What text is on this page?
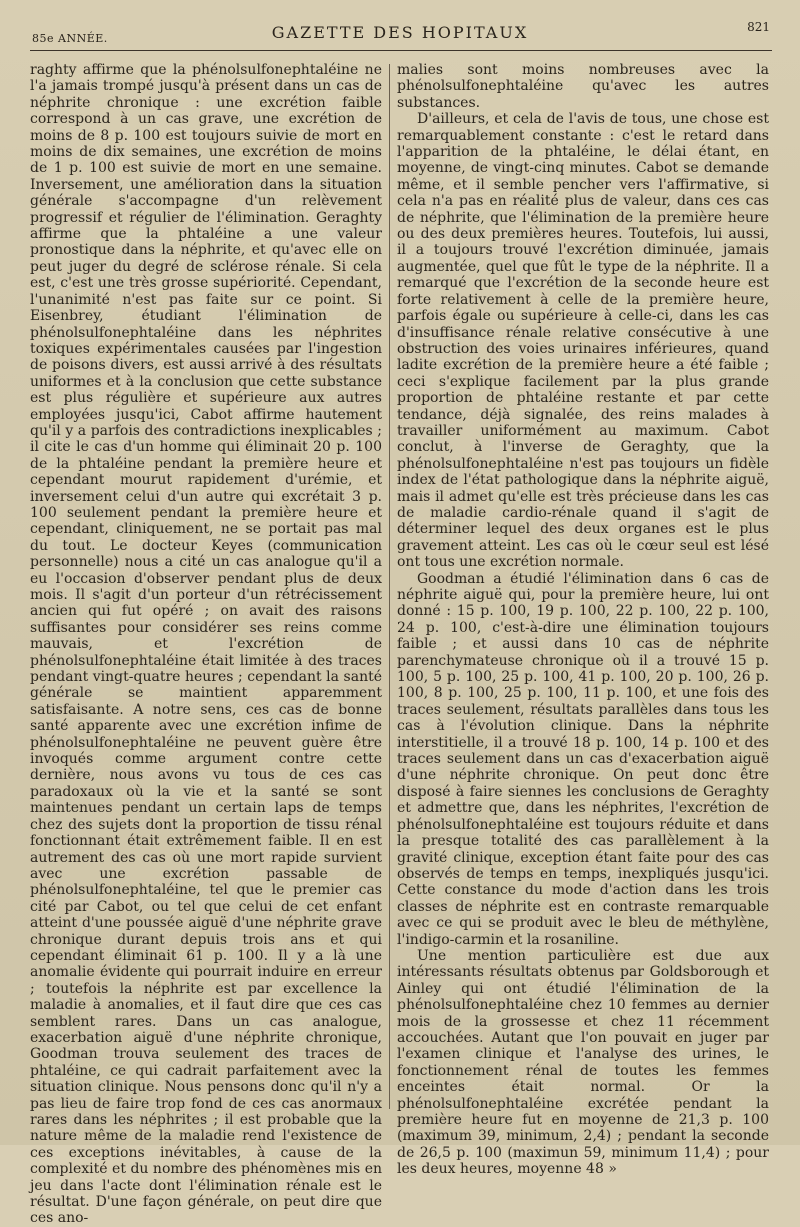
85e ANNÉE.	GAZETTE DES HOPITAUX	821

raghty affirme que la phénolsulfonephtaléine ne l'a jamais trompé jusqu'à présent dans un cas de néphrite chronique : une excrétion faible correspond à un cas grave, une excrétion de moins de 8 p. 100 est toujours suivie de mort en moins de dix semaines, une excrétion de moins de 1 p. 100 est suivie de mort en une semaine. Inversement, une amélioration dans la situation générale s'accompagne d'un relèvement progressif et régulier de l'élimination. Geraghty affirme que la phtaléine a une valeur pronostique dans la néphrite, et qu'avec elle on peut juger du degré de sclérose rénale. Si cela est, c'est une très grosse supériorité. Cependant, l'unanimité n'est pas faite sur ce point. Si Eisenbrey, étudiant l'élimination de phénolsulfonephtaléine dans les néphrites toxiques expérimentales causées par l'ingestion de poisons divers, est aussi arrivé à des résultats uniformes et à la conclusion que cette substance est plus régulière et supérieure aux autres employées jusqu'ici, Cabot affirme hautement qu'il y a parfois des contradictions inexplicables ; il cite le cas d'un homme qui éliminait 20 p. 100 de la phtaléine pendant la première heure et cependant mourut rapidement d'urémie, et inversement celui d'un autre qui excrétait 3 p. 100 seulement pendant la première heure et cependant, cliniquement, ne se portait pas mal du tout. Le docteur Keyes (communication personnelle) nous a cité un cas analogue qu'il a eu l'occasion d'observer pendant plus de deux mois. Il s'agit d'un porteur d'un rétrécissement ancien qui fut opéré ; on avait des raisons suffisantes pour considérer ses reins comme mauvais, et l'excrétion de phénolsulfonephtaléine était limitée à des traces pendant vingt-quatre heures ; cependant la santé générale se maintient apparemment satisfaisante. A notre sens, ces cas de bonne santé apparente avec une excrétion infime de phénolsulfonephtaléine ne peuvent guère être invoqués comme argument contre cette dernière, nous avons vu tous de ces cas paradoxaux où la vie et la santé se sont maintenues pendant un certain laps de temps chez des sujets dont la proportion de tissu rénal fonctionnant était extrêmement faible. Il en est autrement des cas où une mort rapide survient avec une excrétion passable de phénolsulfonephtaléine, tel que le premier cas cité par Cabot, ou tel que celui de cet enfant atteint d'une poussée aiguë d'une néphrite grave chronique durant depuis trois ans et qui cependant éliminait 61 p. 100. Il y a là une anomalie évidente qui pourrait induire en erreur ; toutefois la néphrite est par excellence la maladie à anomalies, et il faut dire que ces cas semblent rares. Dans un cas analogue, exacerbation aiguë d'une néphrite chronique, Goodman trouva seulement des traces de phtaléine, ce qui cadrait parfaitement avec la situation clinique. Nous pensons donc qu'il n'y a pas lieu de faire trop fond de ces cas anormaux rares dans les néphrites ; il est probable que la nature même de la maladie rend l'existence de ces exceptions inévitables, à cause de la complexité et du nombre des phénomènes mis en jeu dans l'acte dont l'élimination rénale est le résultat. D'une façon générale, on peut dire que ces ano-

malies sont moins nombreuses avec la phénolsulfonephtaléine qu'avec les autres substances.

D'ailleurs, et cela de l'avis de tous, une chose est remarquablement constante : c'est le retard dans l'apparition de la phtaléine, le délai étant, en moyenne, de vingt-cinq minutes. Cabot se demande même, et il semble pencher vers l'affirmative, si cela n'a pas en réalité plus de valeur, dans ces cas de néphrite, que l'élimination de la première heure ou des deux premières heures. Toutefois, lui aussi, il a toujours trouvé l'excrétion diminuée, jamais augmentée, quel que fût le type de la néphrite. Il a remarqué que l'excrétion de la seconde heure est forte relativement à celle de la première heure, parfois égale ou supérieure à celle-ci, dans les cas d'insuffisance rénale relative consécutive à une obstruction des voies urinaires inférieures, quand ladite excrétion de la première heure a été faible ; ceci s'explique facilement par la plus grande proportion de phtaléine restante et par cette tendance, déjà signalée, des reins malades à travailler uniformément au maximum. Cabot conclut, à l'inverse de Geraghty, que la phénolsulfonephtaléine n'est pas toujours un fidèle index de l'état pathologique dans la néphrite aiguë, mais il admet qu'elle est très précieuse dans les cas de maladie cardio-rénale quand il s'agit de déterminer lequel des deux organes est le plus gravement atteint. Les cas où le cœur seul est lésé ont tous une excrétion normale.

Goodman a étudié l'élimination dans 6 cas de néphrite aiguë qui, pour la première heure, lui ont donné : 15 p. 100, 19 p. 100, 22 p. 100, 22 p. 100, 24 p. 100, c'est-à-dire une élimination toujours faible ; et aussi dans 10 cas de néphrite parenchymateuse chronique où il a trouvé 15 p. 100, 5 p. 100, 25 p. 100, 41 p. 100, 20 p. 100, 26 p. 100, 8 p. 100, 25 p. 100, 11 p. 100, et une fois des traces seulement, résultats parallèles dans tous les cas à l'évolution clinique. Dans la néphrite interstitielle, il a trouvé 18 p. 100, 14 p. 100 et des traces seulement dans un cas d'exacerbation aiguë d'une néphrite chronique. On peut donc être disposé à faire siennes les conclusions de Geraghty et admettre que, dans les néphrites, l'excrétion de phénolsulfonephtaléine est toujours réduite et dans la presque totalité des cas parallèlement à la gravité clinique, exception étant faite pour des cas observés de temps en temps, inexpliqués jusqu'ici. Cette constance du mode d'action dans les trois classes de néphrite est en contraste remarquable avec ce qui se produit avec le bleu de méthylène, l'indigo-carmin et la rosaniline.

Une mention particulière est due aux intéressants résultats obtenus par Goldsborough et Ainley qui ont étudié l'élimination de la phénolsulfonephtaléine chez 10 femmes au dernier mois de la grossesse et chez 11 récemment accouchées. Autant que l'on pouvait en juger par l'examen clinique et l'analyse des urines, le fonctionnement rénal de toutes les femmes enceintes était normal. Or la phénolsulfonephtaléine excrétée pendant la première heure fut en moyenne de 21,3 p. 100 (maximum 39, minimum, 2,4) ; pendant la seconde de 26,5 p. 100 (maximun 59, minimum 11,4) ; pour les deux heures, moyenne 48 »
